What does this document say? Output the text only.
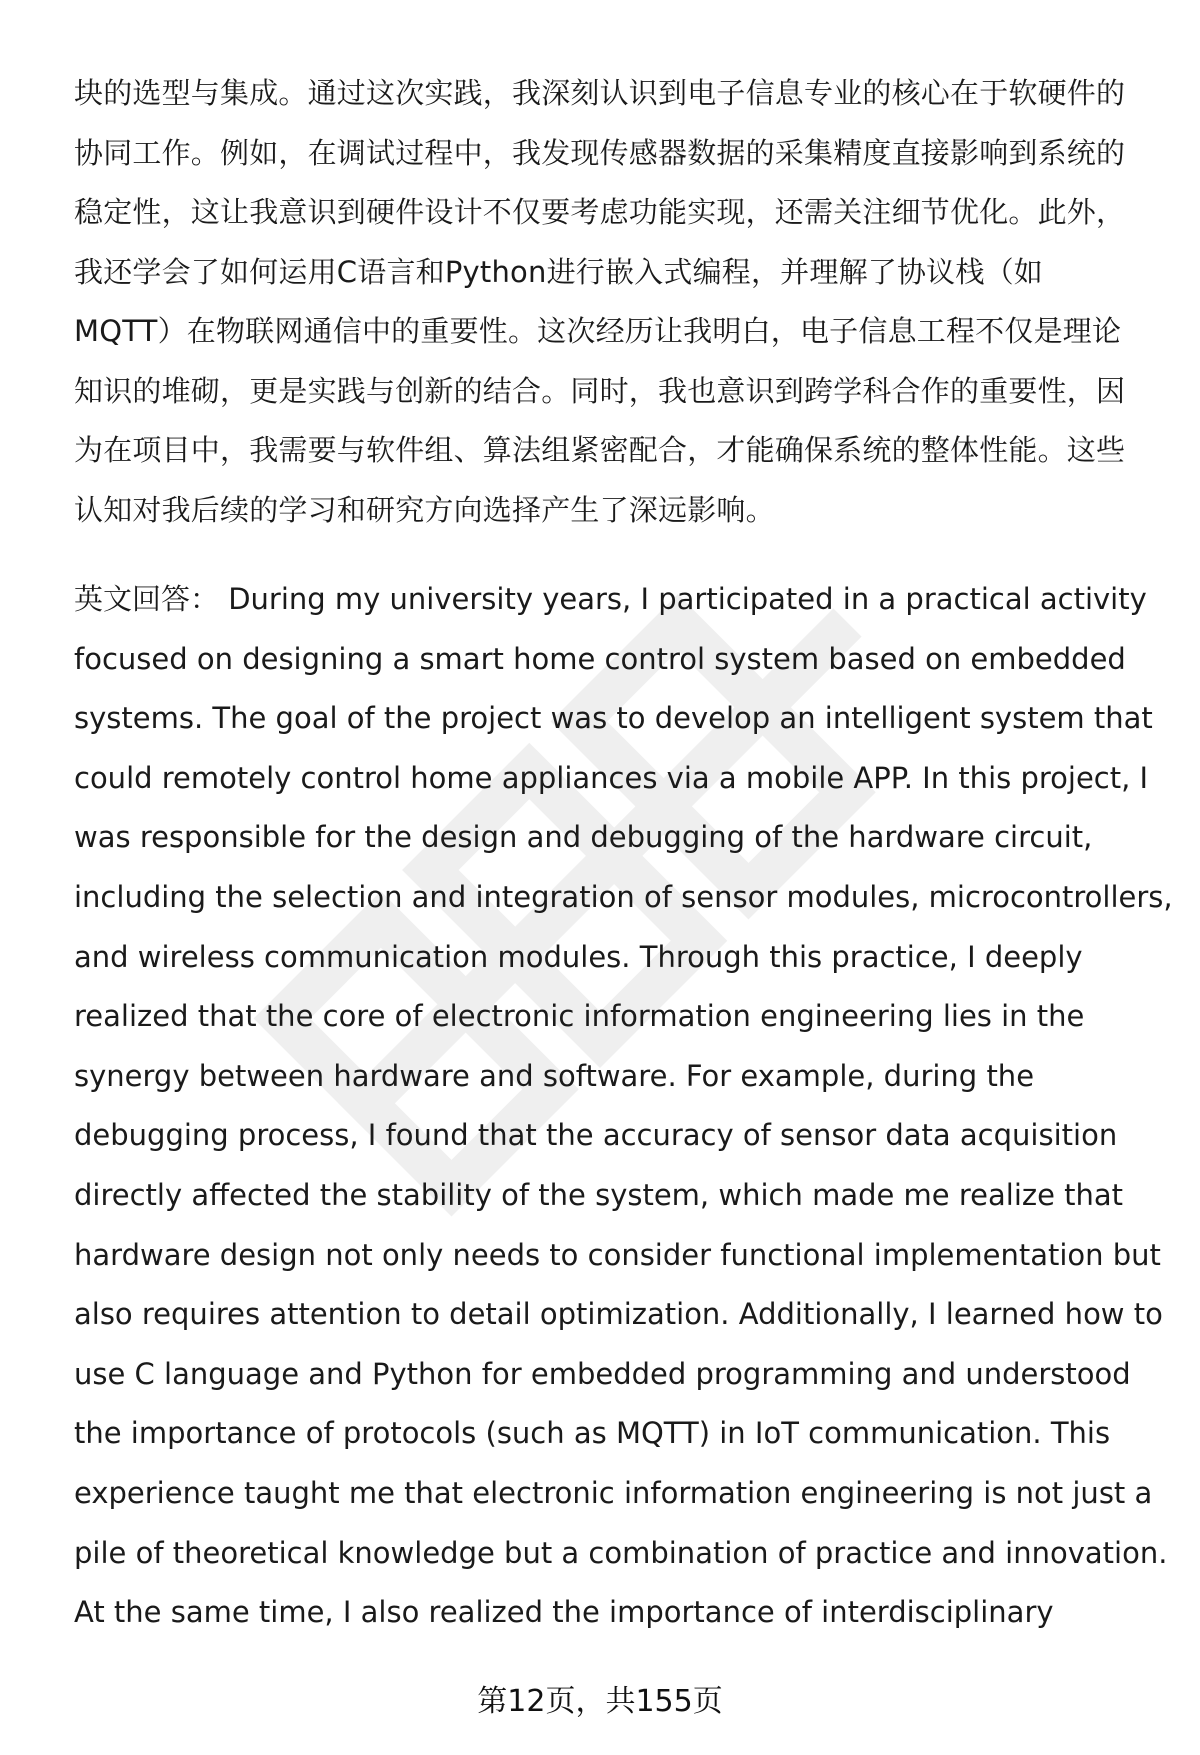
块的选型与集成。通过这次实践，我深刻认识到电子信息专业的核心在于软硬件的
协同工作。例如，在调试过程中，我发现传感器数据的采集精度直接影响到系统的
稳定性，这让我意识到硬件设计不仅要考虑功能实现，还需关注细节优化。此外，
我还学会了如何运用C语言和Python进行嵌入式编程，并理解了协议栈（如
MQTT）在物联网通信中的重要性。这次经历让我明白，电子信息工程不仅是理论
知识的堆砌，更是实践与创新的结合。同时，我也意识到跨学科合作的重要性，因
为在项目中，我需要与软件组、算法组紧密配合，才能确保系统的整体性能。这些
认知对我后续的学习和研究方向选择产生了深远影响。
英文回答： During my university years, I participated in a practical activity
focused on designing a smart home control system based on embedded
systems. The goal of the project was to develop an intelligent system that
could remotely control home appliances via a mobile APP. In this project, I
was responsible for the design and debugging of the hardware circuit,
including the selection and integration of sensor modules, microcontrollers,
and wireless communication modules. Through this practice, I deeply
realized that the core of electronic information engineering lies in the
synergy between hardware and software. For example, during the
debugging process, I found that the accuracy of sensor data acquisition
directly affected the stability of the system, which made me realize that
hardware design not only needs to consider functional implementation but
also requires attention to detail optimization. Additionally, I learned how to
use C language and Python for embedded programming and understood
the importance of protocols (such as MQTT) in IoT communication. This
experience taught me that electronic information engineering is not just a
pile of theoretical knowledge but a combination of practice and innovation.
At the same time, I also realized the importance of interdisciplinary
第12页，共155页
